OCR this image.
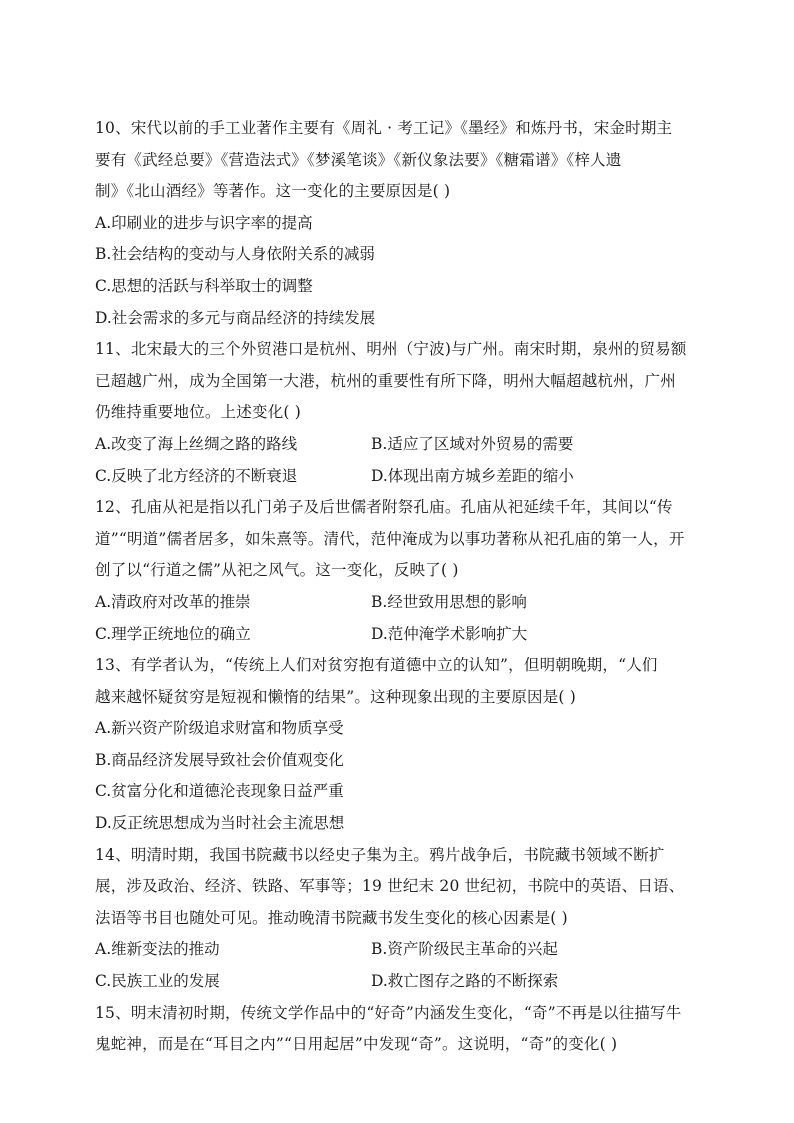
10、宋代以前的手工业著作主要有《周礼 · 考工记》《墨经》和炼丹书，宋金时期主
要有《武经总要》《营造法式》《梦溪笔谈》《新仪象法要》《糖霜谱》《梓人遗
制》《北山酒经》等著作。这一变化的主要原因是( )
A.印刷业的进步与识字率的提高
B.社会结构的变动与人身依附关系的减弱
C.思想的活跃与科举取士的调整
D.社会需求的多元与商品经济的持续发展
11、北宋最大的三个外贸港口是杭州、明州（宁波)与广州。南宋时期，泉州的贸易额
已超越广州，成为全国第一大港，杭州的重要性有所下降，明州大幅超越杭州，广州
仍维持重要地位。上述变化( )
A.改变了海上丝绸之路的路线	B.适应了区域对外贸易的需要
C.反映了北方经济的不断衰退	D.体现出南方城乡差距的缩小
12、孔庙从祀是指以孔门弟子及后世儒者附祭孔庙。孔庙从祀延续千年，其间以“传
道”“明道”儒者居多，如朱熹等。清代，范仲淹成为以事功著称从祀孔庙的第一人，开
创了以“行道之儒”从祀之风气。这一变化，反映了( )
A.清政府对改革的推崇	B.经世致用思想的影响
C.理学正统地位的确立	D.范仲淹学术影响扩大
13、有学者认为，“传统上人们对贫穷抱有道德中立的认知”，但明朝晚期，“人们
越来越怀疑贫穷是短视和懒惰的结果”。这种现象出现的主要原因是( )
A.新兴资产阶级追求财富和物质享受
B.商品经济发展导致社会价值观变化
C.贫富分化和道德沦丧现象日益严重
D.反正统思想成为当时社会主流思想
14、明清时期，我国书院藏书以经史子集为主。鸦片战争后，书院藏书领域不断扩
展，涉及政治、经济、铁路、军事等；19 世纪末 20 世纪初，书院中的英语、日语、
法语等书目也随处可见。推动晚清书院藏书发生变化的核心因素是( )
A.维新变法的推动	B.资产阶级民主革命的兴起
C.民族工业的发展	D.救亡图存之路的不断探索
15、明末清初时期，传统文学作品中的“好奇”内涵发生变化，“奇”不再是以往描写牛
鬼蛇神，而是在“耳目之内”“日用起居”中发现“奇”。这说明，“奇”的变化( )
